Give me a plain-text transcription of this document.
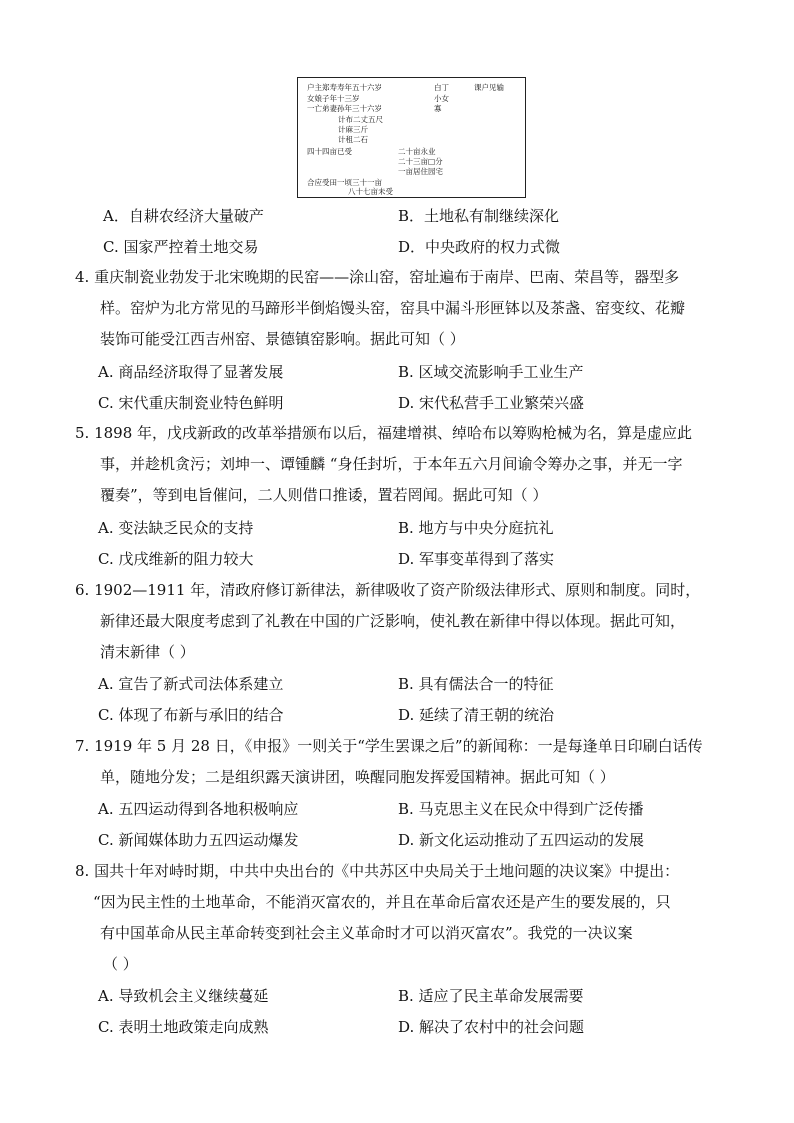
户主郑寿寿年五十六岁	白丁	课户见输
女娘子年十三岁	小女
一亡弟妻孙年三十六岁	寡
计布二丈五尺
计麻三斤
计租二石
四十四亩已受	二十亩永业
二十三亩□分
一亩居住园宅
合应受田一顷三十一亩
八十七亩未受
A．自耕农经济大量破产	B．土地私有制继续深化
C. 国家严控着土地交易	D．中央政府的权力式微
4. 重庆制瓷业勃发于北宋晚期的民窑——涂山窑，窑址遍布于南岸、巴南、荣昌等，器型多
样。窑炉为北方常见的马蹄形半倒焰馒头窑，窑具中漏斗形匣钵以及茶盏、窑变纹、花瓣
装饰可能受江西吉州窑、景德镇窑影响。据此可知（ ）
A. 商品经济取得了显著发展	B. 区域交流影响手工业生产
C. 宋代重庆制瓷业特色鲜明	D. 宋代私营手工业繁荣兴盛
5. 1898 年，戊戌新政的改革举措颁布以后，福建增祺、绰哈布以筹购枪械为名，算是虚应此
事，并趁机贪污；刘坤一、谭锺麟 “身任封圻，于本年五六月间谕令筹办之事，并无一字
覆奏”，等到电旨催问，二人则借口推诿，置若罔闻。据此可知（ ）
A. 变法缺乏民众的支持	B. 地方与中央分庭抗礼
C. 戊戌维新的阻力较大	D. 军事变革得到了落实
6. 1902—1911 年，清政府修订新律法，新律吸收了资产阶级法律形式、原则和制度。同时，
新律还最大限度考虑到了礼教在中国的广泛影响，使礼教在新律中得以体现。据此可知，
清末新律（ ）
A. 宣告了新式司法体系建立	B. 具有儒法合一的特征
C. 体现了布新与承旧的结合	D. 延续了清王朝的统治
7. 1919 年 5 月 28 日，《申报》一则关于“学生罢课之后”的新闻称：一是每逢单日印刷白话传
单，随地分发；二是组织露天演讲团，唤醒同胞发挥爱国精神。据此可知（ ）
A. 五四运动得到各地积极响应	B. 马克思主义在民众中得到广泛传播
C. 新闻媒体助力五四运动爆发	D. 新文化运动推动了五四运动的发展
8. 国共十年对峙时期，中共中央出台的《中共苏区中央局关于土地问题的决议案》中提出：
“因为民主性的土地革命，不能消灭富农的，并且在革命后富农还是产生的要发展的，只
有中国革命从民主革命转变到社会主义革命时才可以消灭富农”。我党的一决议案
（ ）
A. 导致机会主义继续蔓延	B. 适应了民主革命发展需要
C. 表明土地政策走向成熟	D. 解决了农村中的社会问题
